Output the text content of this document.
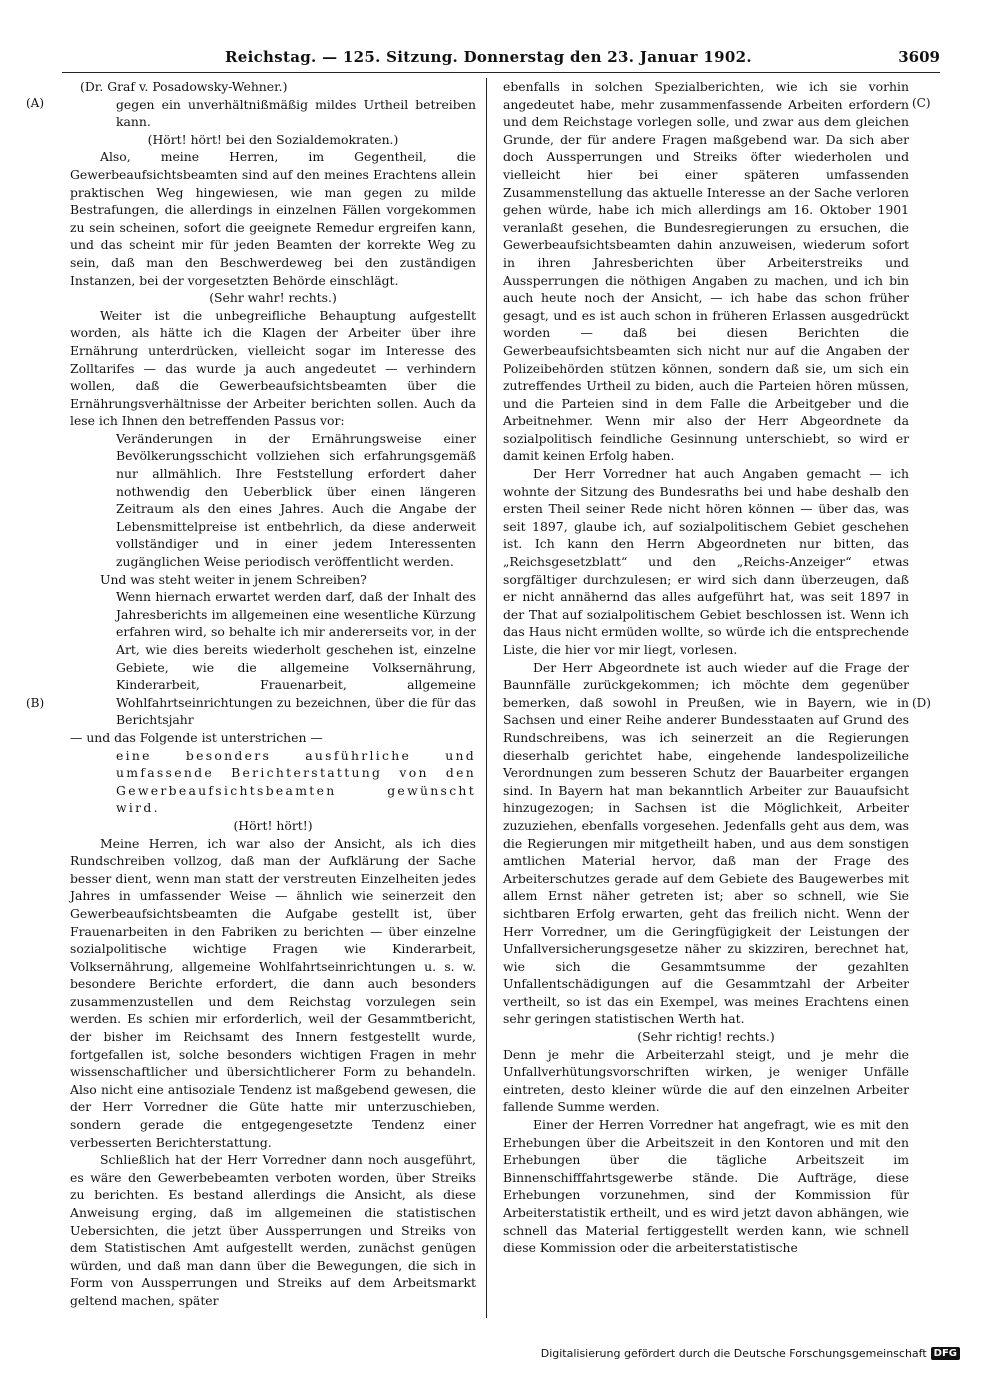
Reichstag. — 125. Sitzung. Donnerstag den 23. Januar 1902.	3609
(A)
(B)
(C)
(D)

(Dr. Graf v. Posadowsky-Wehner.)

gegen ein unverhältnißmäßig mildes Urtheil betreiben kann.

(Hört! hört! bei den Sozialdemokraten.)

Also, meine Herren, im Gegentheil, die Gewerbeaufsichtsbeamten sind auf den meines Erachtens allein praktischen Weg hingewiesen, wie man gegen zu milde Bestrafungen, die allerdings in einzelnen Fällen vorgekommen zu sein scheinen, sofort die geeignete Remedur ergreifen kann, und das scheint mir für jeden Beamten der korrekte Weg zu sein, daß man den Beschwerdeweg bei den zuständigen Instanzen, bei der vorgesetzten Behörde einschlägt.

(Sehr wahr! rechts.)

Weiter ist die unbegreifliche Behauptung aufgestellt worden, als hätte ich die Klagen der Arbeiter über ihre Ernährung unterdrücken, vielleicht sogar im Interesse des Zolltarifes — das wurde ja auch angedeutet — verhindern wollen, daß die Gewerbeaufsichtsbeamten über die Ernährungsverhältnisse der Arbeiter berichten sollen. Auch da lese ich Ihnen den betreffenden Passus vor:

Veränderungen in der Ernährungsweise einer Bevölkerungsschicht vollziehen sich erfahrungsgemäß nur allmählich. Ihre Feststellung erfordert daher nothwendig den Ueberblick über einen längeren Zeitraum als den eines Jahres. Auch die Angabe der Lebensmittelpreise ist entbehrlich, da diese anderweit vollständiger und in einer jedem Interessenten zugänglichen Weise periodisch veröffentlicht werden.

Und was steht weiter in jenem Schreiben?

Wenn hiernach erwartet werden darf, daß der Inhalt des Jahresberichts im allgemeinen eine wesentliche Kürzung erfahren wird, so behalte ich mir andererseits vor, in der Art, wie dies bereits wiederholt geschehen ist, einzelne Gebiete, wie die allgemeine Volksernährung, Kinderarbeit, Frauenarbeit, allgemeine Wohlfahrtseinrichtungen zu bezeichnen, über die für das Berichtsjahr

— und das Folgende ist unterstrichen —

eine besonders ausführliche und umfassende Berichterstattung von den Gewerbeaufsichtsbeamten gewünscht wird.

(Hört! hört!)

Meine Herren, ich war also der Ansicht, als ich dies Rundschreiben vollzog, daß man der Aufklärung der Sache besser dient, wenn man statt der verstreuten Einzelheiten jedes Jahres in umfassender Weise — ähnlich wie seinerzeit den Gewerbeaufsichtsbeamten die Aufgabe gestellt ist, über Frauenarbeiten in den Fabriken zu berichten — über einzelne sozialpolitische wichtige Fragen wie Kinderarbeit, Volksernährung, allgemeine Wohlfahrtseinrichtungen u. s. w. besondere Berichte erfordert, die dann auch besonders zusammenzustellen und dem Reichstag vorzulegen sein werden. Es schien mir erforderlich, weil der Gesammtbericht, der bisher im Reichsamt des Innern festgestellt wurde, fortgefallen ist, solche besonders wichtigen Fragen in mehr wissenschaftlicher und übersichtlicherer Form zu behandeln. Also nicht eine antisoziale Tendenz ist maßgebend gewesen, die der Herr Vorredner die Güte hatte mir unterzuschieben, sondern gerade die entgegengesetzte Tendenz einer verbesserten Berichterstattung.

Schließlich hat der Herr Vorredner dann noch ausgeführt, es wäre den Gewerbebeamten verboten worden, über Streiks zu berichten. Es bestand allerdings die Ansicht, als diese Anweisung erging, daß im allgemeinen die statistischen Uebersichten, die jetzt über Aussperrungen und Streiks von dem Statistischen Amt aufgestellt werden, zunächst genügen würden, und daß man dann über die Bewegungen, die sich in Form von Aussperrungen und Streiks auf dem Arbeitsmarkt geltend machen, später

ebenfalls in solchen Spezialberichten, wie ich sie vorhin angedeutet habe, mehr zusammenfassende Arbeiten erfordern und dem Reichstage vorlegen solle, und zwar aus dem gleichen Grunde, der für andere Fragen maßgebend war. Da sich aber doch Aussperrungen und Streiks öfter wiederholen und vielleicht hier bei einer späteren umfassenden Zusammenstellung das aktuelle Interesse an der Sache verloren gehen würde, habe ich mich allerdings am 16. Oktober 1901 veranlaßt gesehen, die Bundesregierungen zu ersuchen, die Gewerbeaufsichtsbeamten dahin anzuweisen, wiederum sofort in ihren Jahresberichten über Arbeiterstreiks und Aussperrungen die nöthigen Angaben zu machen, und ich bin auch heute noch der Ansicht, — ich habe das schon früher gesagt, und es ist auch schon in früheren Erlassen ausgedrückt worden — daß bei diesen Berichten die Gewerbeaufsichtsbeamten sich nicht nur auf die Angaben der Polizeibehörden stützen können, sondern daß sie, um sich ein zutreffendes Urtheil zu biden, auch die Parteien hören müssen, und die Parteien sind in dem Falle die Arbeitgeber und die Arbeitnehmer. Wenn mir also der Herr Abgeordnete da sozialpolitisch feindliche Gesinnung unterschiebt, so wird er damit keinen Erfolg haben.

Der Herr Vorredner hat auch Angaben gemacht — ich wohnte der Sitzung des Bundesraths bei und habe deshalb den ersten Theil seiner Rede nicht hören können — über das, was seit 1897, glaube ich, auf sozialpolitischem Gebiet geschehen ist. Ich kann den Herrn Abgeordneten nur bitten, das „Reichsgesetzblatt“ und den „Reichs-Anzeiger“ etwas sorgfältiger durchzulesen; er wird sich dann überzeugen, daß er nicht annähernd das alles aufgeführt hat, was seit 1897 in der That auf sozialpolitischem Gebiet beschlossen ist. Wenn ich das Haus nicht ermüden wollte, so würde ich die entsprechende Liste, die hier vor mir liegt, vorlesen.

Der Herr Abgeordnete ist auch wieder auf die Frage der Baunnfälle zurückgekommen; ich möchte dem gegenüber bemerken, daß sowohl in Preußen, wie in Bayern, wie in Sachsen und einer Reihe anderer Bundesstaaten auf Grund des Rundschreibens, was ich seinerzeit an die Regierungen dieserhalb gerichtet habe, eingehende landespolizeiliche Verordnungen zum besseren Schutz der Bauarbeiter ergangen sind. In Bayern hat man bekanntlich Arbeiter zur Bauaufsicht hinzugezogen; in Sachsen ist die Möglichkeit, Arbeiter zuzuziehen, ebenfalls vorgesehen. Jedenfalls geht aus dem, was die Regierungen mir mitgetheilt haben, und aus dem sonstigen amtlichen Material hervor, daß man der Frage des Arbeiterschutzes gerade auf dem Gebiete des Baugewerbes mit allem Ernst näher getreten ist; aber so schnell, wie Sie sichtbaren Erfolg erwarten, geht das freilich nicht. Wenn der Herr Vorredner, um die Geringfügigkeit der Leistungen der Unfallversicherungsgesetze näher zu skizziren, berechnet hat, wie sich die Gesammtsumme der gezahlten Unfallentschädigungen auf die Gesammtzahl der Arbeiter vertheilt, so ist das ein Exempel, was meines Erachtens einen sehr geringen statistischen Werth hat.

(Sehr richtig! rechts.)

Denn je mehr die Arbeiterzahl steigt, und je mehr die Unfallverhütungsvorschriften wirken, je weniger Unfälle eintreten, desto kleiner würde die auf den einzelnen Arbeiter fallende Summe werden.

Einer der Herren Vorredner hat angefragt, wie es mit den Erhebungen über die Arbeitszeit in den Kontoren und mit den Erhebungen über die tägliche Arbeitszeit im Binnenschifffahrtsgewerbe stände. Die Aufträge, diese Erhebungen vorzunehmen, sind der Kommission für Arbeiterstatistik ertheilt, und es wird jetzt davon abhängen, wie schnell das Material fertiggestellt werden kann, wie schnell diese Kommission oder die arbeiterstatistische

Digitalisierung gefördert durch die Deutsche Forschungsgemeinschaft DFG
